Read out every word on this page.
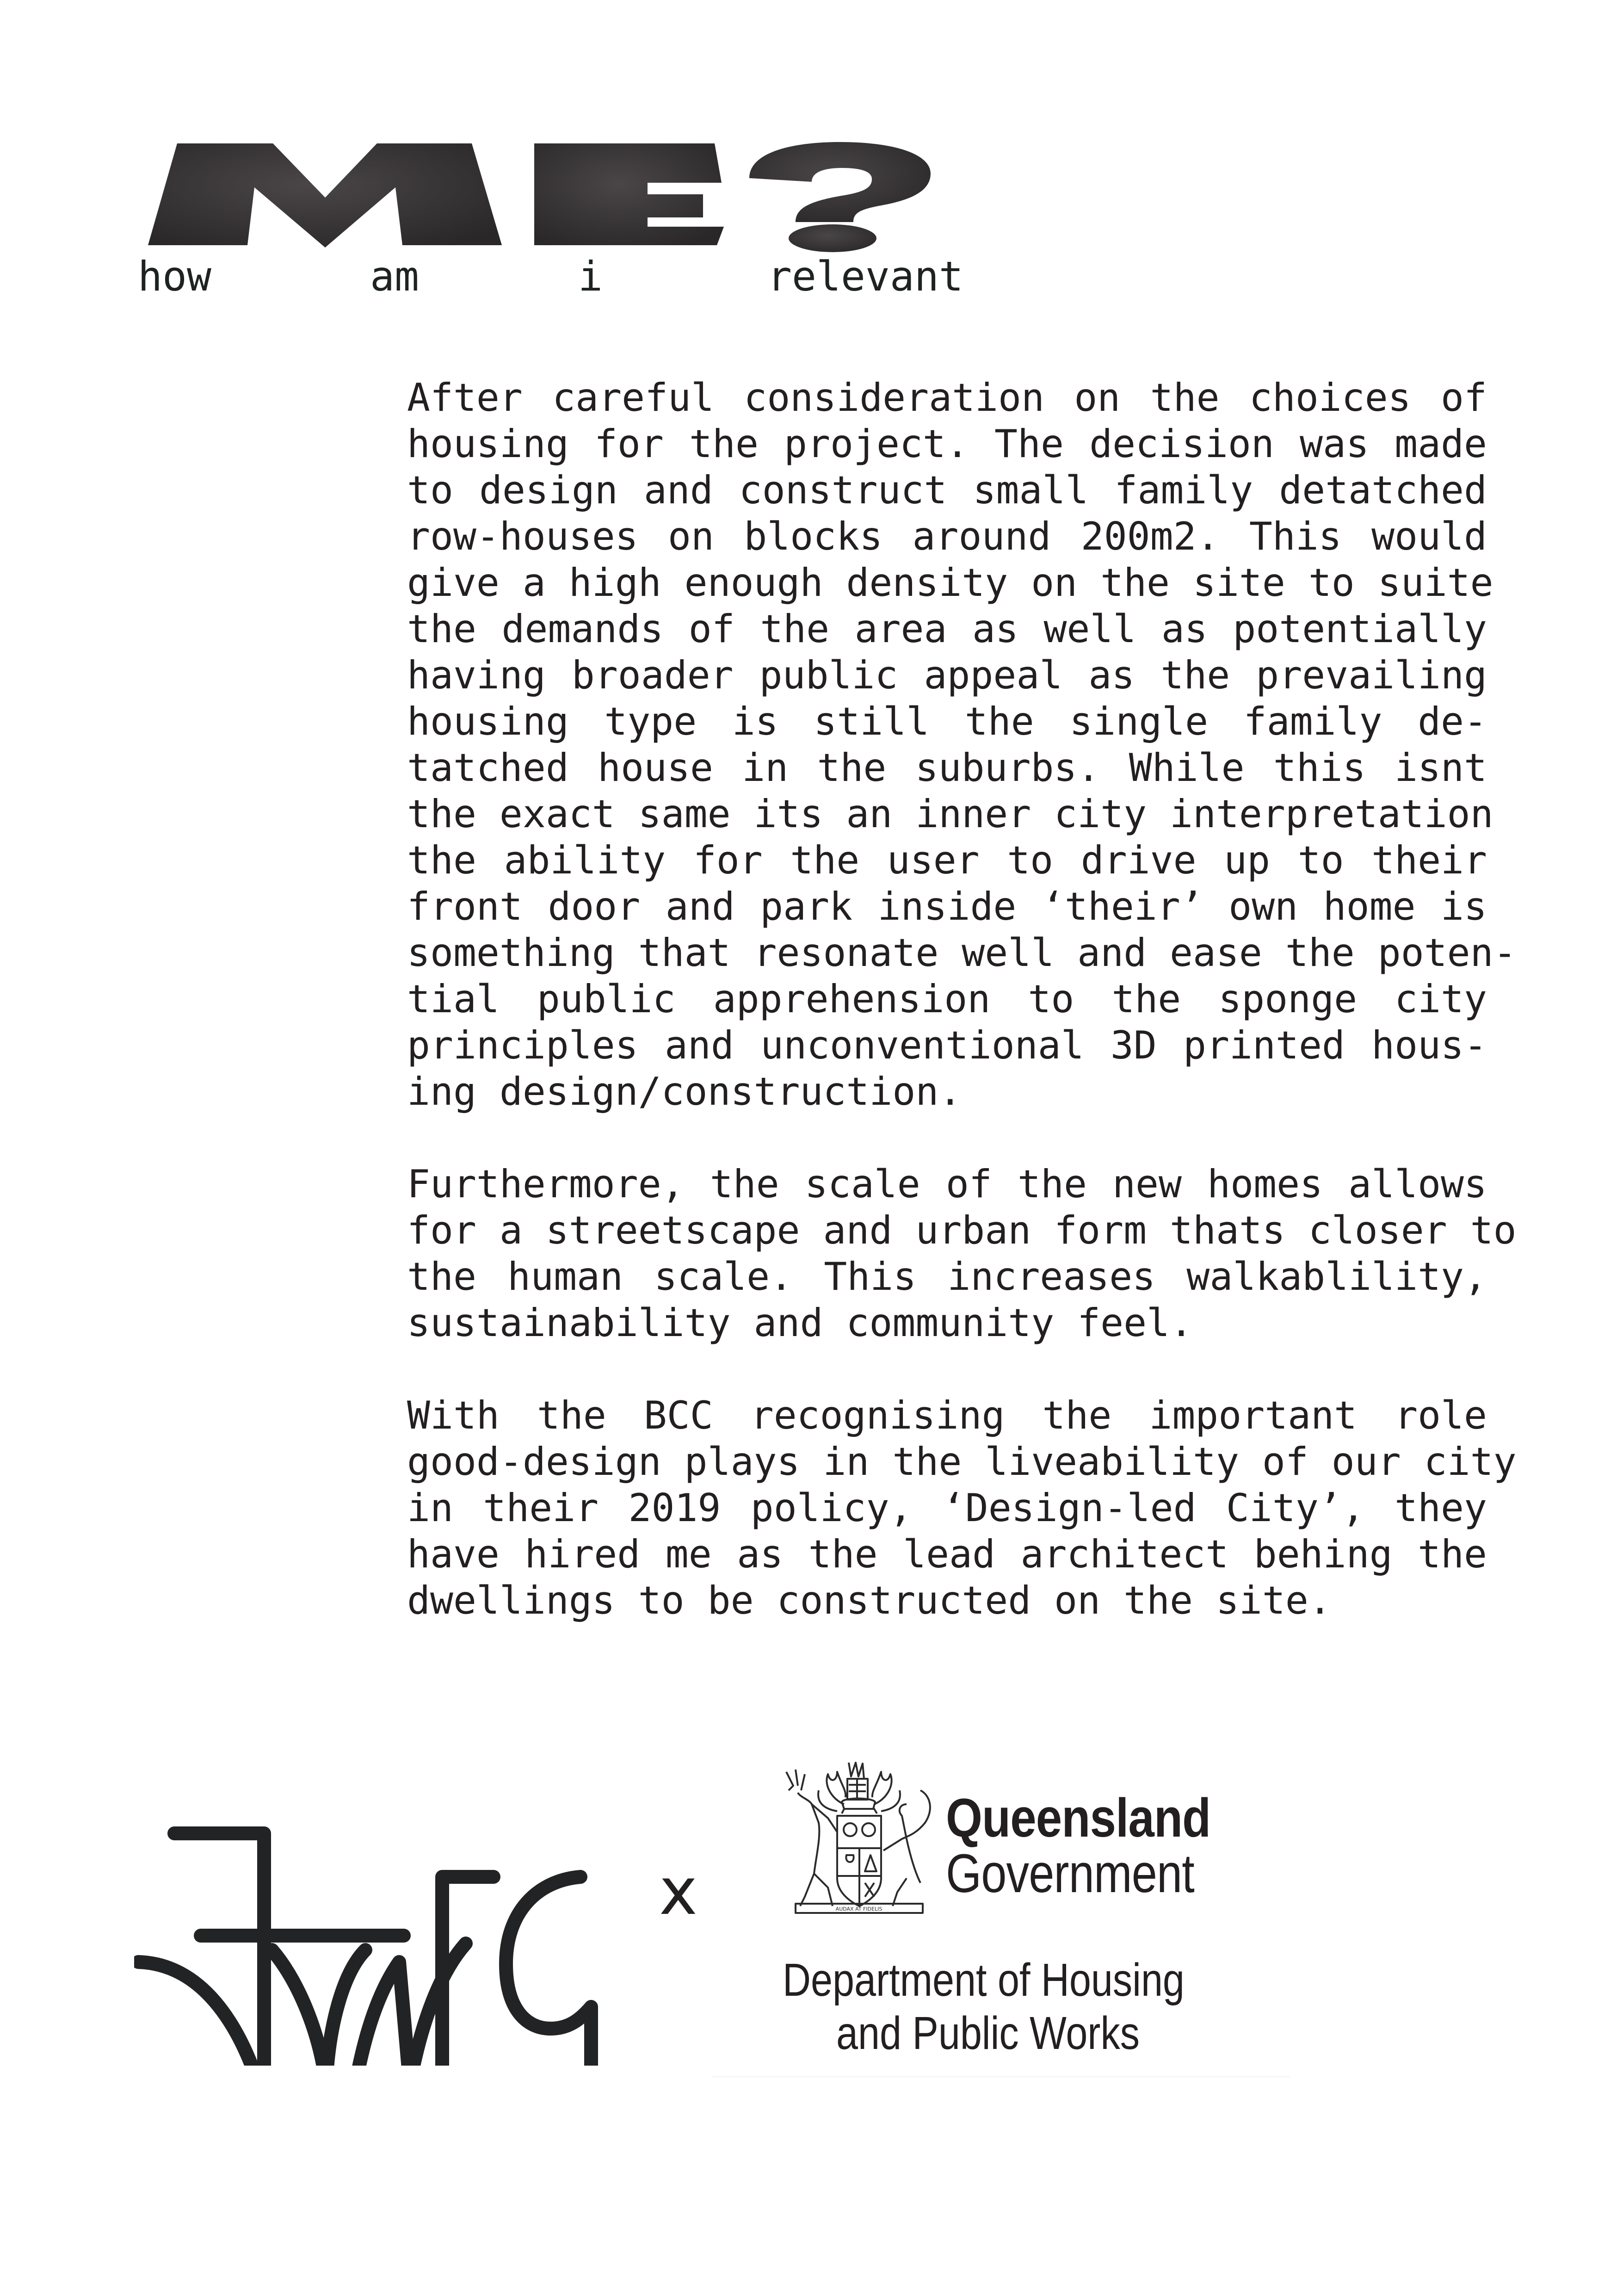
how	am	i	relevant
After careful consideration on the choices of
housing for the project. The decision was made
to design and construct small family detatched
row-houses on blocks around 200m2. This would
give a high enough density on the site to suite
the demands of the area as well as potentially
having broader public appeal as the prevailing
housing type is still the single family de-
tatched house in the suburbs. While this isnt
the exact same its an inner city interpretation
the ability for the user to drive up to their
front door and park inside ‘their’ own home is
something that resonate well and ease the poten-
tial public apprehension to the sponge city
principles and unconventional 3D printed hous-
ing design/construction.
Furthermore, the scale of the new homes allows
for a streetscape and urban form thats closer to
the human scale. This increases walkablility,
sustainability and community feel.
With the BCC recognising the important role
good-design plays in the liveability of our city
in their 2019 policy, ‘Design-led City’, they
have hired me as the lead architect behing the
dwellings to be constructed on the site.
x	AUDAX AT FIDELIS
Queensland
Government
Department of Housing
and Public Works
